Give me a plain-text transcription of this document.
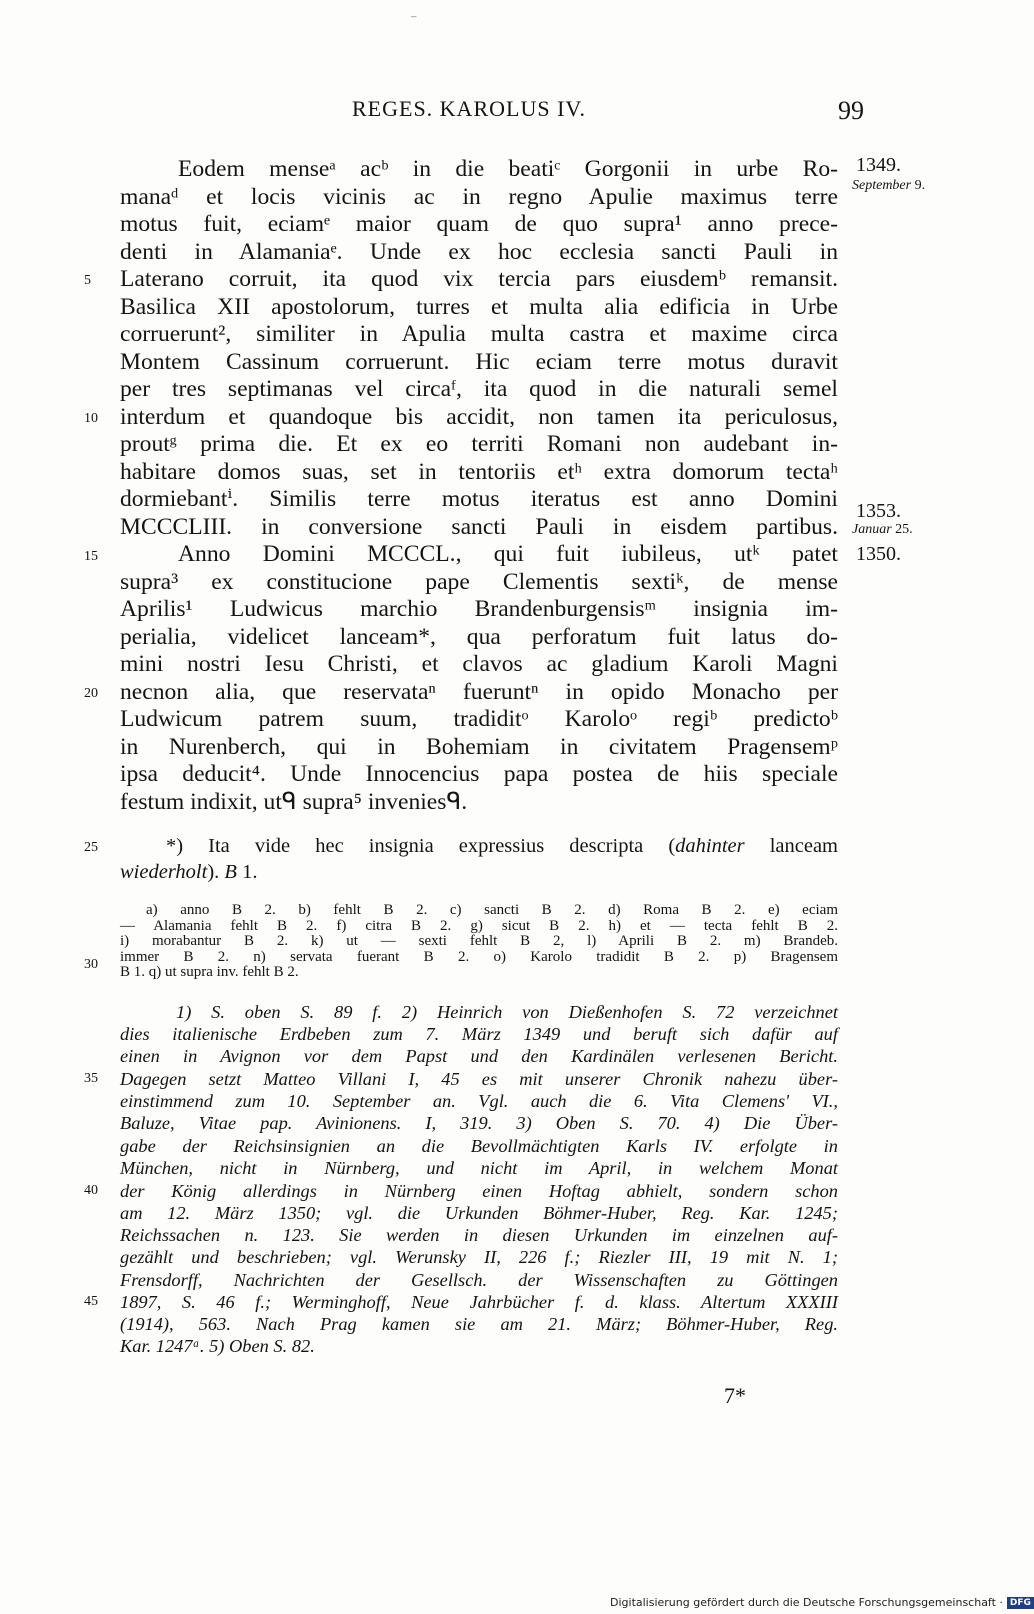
⁻
REGES. KAROLUS IV.	99
Eodem menseᵃ acᵇ in die beatiᶜ Gorgonii in urbe Ro-
manaᵈ et locis vicinis ac in regno Apulie maximus terre
motus fuit, eciamᵉ maior quam de quo supra¹ anno prece-
denti in Alamaniaᵉ. Unde ex hoc ecclesia sancti Pauli in
Laterano corruit, ita quod vix tercia pars eiusdemᵇ remansit.
Basilica XII apostolorum, turres et multa alia edificia in Urbe
corruerunt², similiter in Apulia multa castra et maxime circa
Montem Cassinum corruerunt. Hic eciam terre motus duravit
per tres septimanas vel circaᶠ, ita quod in die naturali semel
interdum et quandoque bis accidit, non tamen ita periculosus,
proutᵍ prima die. Et ex eo territi Romani non audebant in-
habitare domos suas, set in tentoriis etʰ extra domorum tectaʰ
dormiebantⁱ. Similis terre motus iteratus est anno Domini
MCCCLIII. in conversione sancti Pauli in eisdem partibus.
Anno Domini MCCCL., qui fuit iubileus, utᵏ patet
supra³ ex constitucione pape Clementis sextiᵏ, de mense
Aprilis¹ Ludwicus marchio Brandenburgensisᵐ insignia im-
perialia, videlicet lanceam*, qua perforatum fuit latus do-
mini nostri Iesu Christi, et clavos ac gladium Karoli Magni
necnon alia, que reservataⁿ fueruntⁿ in opido Monacho per
Ludwicum patrem suum, tradiditᵒ Karoloᵒ regiᵇ predictoᵇ
in Nurenberch, qui in Bohemiam in civitatem Pragensemᵖ
ipsa deducit⁴. Unde Innocencius papa postea de hiis speciale
festum indixit, utᑫ supra⁵ inveniesᑫ.
5
10
15
20
25
30
35
40
45
1349.
September 9.
1353.
Januar 25.
1350.
*) Ita vide hec insignia expressius descripta (dahinter lanceam
wiederholt). B 1.
a) anno B 2. b) fehlt B 2. c) sancti B 2. d) Roma B 2. e) eciam
— Alamania fehlt B 2. f) citra B 2. g) sicut B 2. h) et — tecta fehlt B 2.
i) morabantur B 2. k) ut — sexti fehlt B 2, l) Aprili B 2. m) Brandeb.
immer B 2. n) servata fuerant B 2. o) Karolo tradidit B 2. p) Bragensem
B 1. q) ut supra inv. fehlt B 2.
1) S. oben S. 89 f. 2) Heinrich von Dießenhofen S. 72 verzeichnet
dies italienische Erdbeben zum 7. März 1349 und beruft sich dafür auf
einen in Avignon vor dem Papst und den Kardinälen verlesenen Bericht.
Dagegen setzt Matteo Villani I, 45 es mit unserer Chronik nahezu über-
einstimmend zum 10. September an. Vgl. auch die 6. Vita Clemens' VI.,
Baluze, Vitae pap. Avinionens. I, 319. 3) Oben S. 70. 4) Die Über-
gabe der Reichsinsignien an die Bevollmächtigten Karls IV. erfolgte in
München, nicht in Nürnberg, und nicht im April, in welchem Monat
der König allerdings in Nürnberg einen Hoftag abhielt, sondern schon
am 12. März 1350; vgl. die Urkunden Böhmer-Huber, Reg. Kar. 1245;
Reichssachen n. 123. Sie werden in diesen Urkunden im einzelnen auf-
gezählt und beschrieben; vgl. Werunsky II, 226 f.; Riezler III, 19 mit N. 1;
Frensdorff, Nachrichten der Gesellsch. der Wissenschaften zu Göttingen
1897, S. 46 f.; Werminghoff, Neue Jahrbücher f. d. klass. Altertum XXXIII
(1914), 563. Nach Prag kamen sie am 21. März; Böhmer-Huber, Reg.
Kar. 1247ᵃ. 5) Oben S. 82.
7*
Digitalisierung gefördert durch die Deutsche Forschungsgemeinschaft · DFG
